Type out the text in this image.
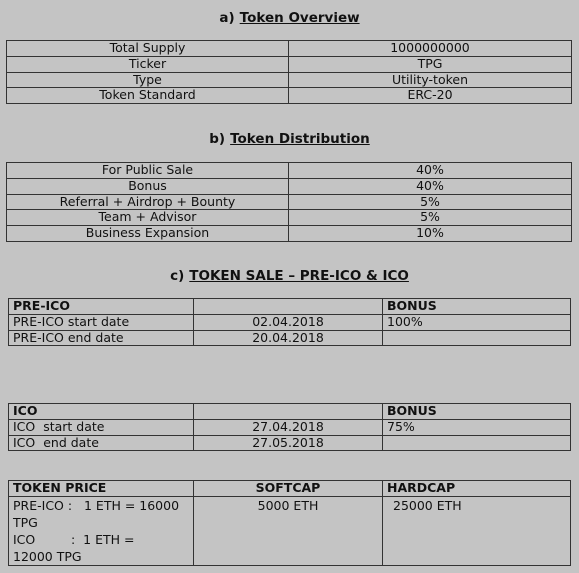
a) Token Overview
Total Supply	1000000000
Ticker	TPG
Type	Utility-token
Token Standard	ERC-20
b) Token Distribution
For Public Sale	40%
Bonus	40%
Referral + Airdrop + Bounty	5%
Team + Advisor	5%
Business Expansion	10%
c) TOKEN SALE – PRE-ICO & ICO
PRE-ICO		BONUS
PRE-ICO start date	02.04.2018	100%
PRE-ICO end date	20.04.2018	
ICO		BONUS
ICO  start date	27.04.2018	75%
ICO  end date	27.05.2018	
TOKEN PRICE	SOFTCAP	HARDCAP

PRE-ICO :   1 ETH = 16000
TPG
ICO         :  1 ETH =
12000 TPG	5000 ETH	25000 ETH
